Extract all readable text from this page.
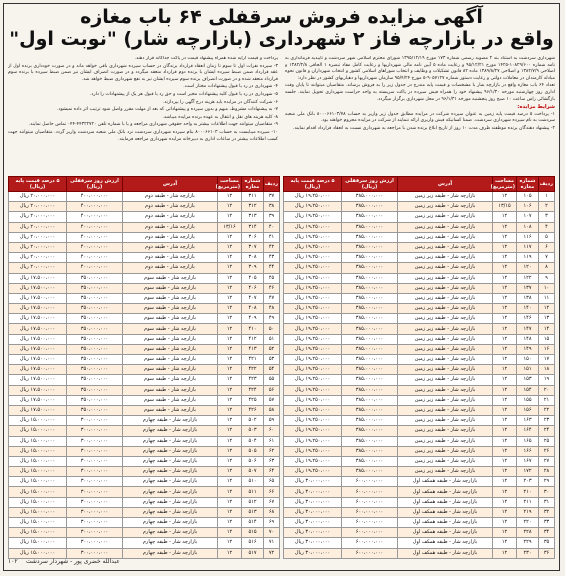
آگهی مزایده فروش سرقفلی ۶۴ باب مغازه
واقع در بازارچه فاز ۲ شهرداری (بازارچه شار) "نوبت اول"

شهرداری سردشت به استناد بند ۲ مصوبه رسمی شماره ۱۷۳ مورخ ۱۳۹۵/۱۲/۱۹ شورای محترم اسلامی شهر سردشت و تاییدیه فرمانداری به نامه شماره ۱۰۸۲۹/۶۰۰-۱۴۲۵ مورخ ۹۵/۱۲/۲۱ و رعایت ماده ۵ آیین نامه مالی شهرداریها و رعایت کامل مفاد تبصره ۱ الحاقی ۱۳۸۲/۲/۸ و اصلاحی ۱۳۸۲/۷/۹ و اصلاحی ۱۳۸۹/۸/۲۷ ماده ۸۲ قانون تشکیلات و وظایف و انتخاب شوراهای اسلامی کشور و انتخاب شهرداران و قانون نحوه مبادله کارمندان در معاملات دولتی و رعایت دستور شماره ۹۰۵۷۱۲۷-۵ مورخ ۹۵/۴/۲۴ سازمان شهرداریها و دهیاریهای کشور در نظر دارد:

تعداد ۶۴ باب مغازه واقع در بازارچه شار با مشخصات و قیمت پایه مندرج در جدول زیر را به فروش برساند. متقاضیان میتوانند تا پایان وقت اداری روز چهارشنبه مورخه ۹۶/۱/۳۰ پیشنهاد خود را همراه فیش سپرده در پاکت سربسته به واحد حراست شهرداری تحویل نمایند. جلسه بازگشائی راس ساعت ۱۰ صبح روز پنجشنبه مورخه ۹۶/۱/۳۱ در محل شهرداری برگزار میگردد.

شرایط مزایده:

۱- پرداخت ۵ درصد قیمت پایه زمین به عنوان سپرده شرکت در مزایده مطابق جدول زیر واریز به حساب ۸۰۰۰۶۶۱۰۳/۷۸ بانک ملی شعبه سردشت به نام سپرده شهرداری سردشت. ضمنا کسانیکه فیش واریزی ارائه ننمایند از شرکت در مزایده محروم خواهند بود.

۲- پیشنهاد دهندگان برنده موظفند ظرف مدت ۱۰ روز از تاریخ ابلاغ برنده شدن با مراجعه به شهرداری نسبت به انعقاد قرارداد اقدام نمایند.

پرداخت و قیمت ارایه شده همراه پیشنهاد قیمت در پاکت جداگانه قرار دهند.

۳- سپرده نفرات اول تا سوم تا زمان انعقاد قرارداد برندگان در حساب سپرده شهرداری باقی خواهد ماند و در صورت خودداری برنده اول از عقد قرارداد ضمن ضبط سپرده ایشان با برنده دوم قرارداد منعقد میگردد و در صورت انصراف ایشان نیز ضمن ضبط سپرده با برنده سوم قرارداد منعقد شده و در صورت انصراف برنده سوم سپرده ایشان نیز به نفع شهرداری ضبط خواهد شد.

۴- شهرداری در رد یا قبول پیشنهادات مختار است.

۵- شهرداری در رد یا قبول کلیه پیشنهادات مخیر است و حق رد یا قبول هر یک از پیشنهادات را دارد.

۶- شرکت کنندگان در مزایده باید هزینه درج آگهی را بپردازند.

۷- به پیشنهادات مشروط، مبهم و بدون سپرده و پیشنهاداتی که بعد از مهلت مقرر واصل شود ترتیب اثر داده نمیشود.

۸- کلیه هزینه های نقل و انتقال به عهده برنده مزایده میباشد.

۹- متقاضیان میتوانند جهت اطلاعات بیشتر به واحد حقوقی شهرداری مراجعه و یا با شماره تلفن ۴۴۳۲۲۷۲۰-۰۴۴ تماس حاصل نمایند.

۱۰- سپرده میبایست به حساب ۸۰۰۰۶۶۱۰۳ بنام سپرده شهرداری سردشت نزد بانک ملی شعبه سردشت واریز گردد. متقاضیان میتوانند جهت کسب اطلاعات بیشتر در ساعات اداری به دبیرخانه مزایده شهرداری مراجعه فرمایند.

ردیف	شماره مغازه	مساحت (مترمربع)	آدرس	ارزش روز سرقفلی (ریال)	۵ درصد قیمت پایه (ریال)
۱	۱۰۵	۱۲	بازارچه شار - طبقه زیر زمین	۳۸۵،۰۰۰،۰۰۰	۱۹،۲۵۰،۰۰۰ ریال
۲	۱۰۶	۱۳/۱۵	بازارچه شار - طبقه زیر زمین	۳۸۵،۰۰۰،۰۰۰	۱۹،۲۵۰،۰۰۰ ریال
۳	۱۰۷	۱۲	بازارچه شار - طبقه زیر زمین	۳۸۵،۰۰۰،۰۰۰	۱۹،۲۵۰،۰۰۰ ریال
۴	۱۰۸	۱۲	بازارچه شار - طبقه زیر زمین	۳۸۵،۰۰۰،۰۰۰	۱۹،۲۵۰،۰۰۰ ریال
۵	۱۱۶	۱۲	بازارچه شار - طبقه زیر زمین	۳۸۵،۰۰۰،۰۰۰	۱۹،۲۵۰،۰۰۰ ریال
۶	۱۱۷	۱۲	بازارچه شار - طبقه زیر زمین	۳۸۵،۰۰۰،۰۰۰	۱۹،۲۵۰،۰۰۰ ریال
۷	۱۱۹	۱۲	بازارچه شار - طبقه زیر زمین	۳۸۵،۰۰۰،۰۰۰	۱۹،۲۵۰،۰۰۰ ریال
۸	۱۲۰	۱۲	بازارچه شار - طبقه زیر زمین	۳۸۵،۰۰۰،۰۰۰	۱۹،۲۵۰،۰۰۰ ریال
۹	۱۲۲	۱۲	بازارچه شار - طبقه زیر زمین	۳۸۵،۰۰۰،۰۰۰	۱۹،۲۵۰،۰۰۰ ریال
۱۰	۱۳۷	۱۲	بازارچه شار - طبقه زیر زمین	۳۸۵،۰۰۰،۰۰۰	۱۹،۲۵۰،۰۰۰ ریال
۱۱	۱۳۸	۱۲	بازارچه شار - طبقه زیر زمین	۳۸۵،۰۰۰،۰۰۰	۱۹،۲۵۰،۰۰۰ ریال
۱۲	۱۴۰	۱۲	بازارچه شار - طبقه زیر زمین	۳۸۵،۰۰۰،۰۰۰	۱۹،۲۵۰،۰۰۰ ریال
۱۳	۱۴۶	۱۲	بازارچه شار - طبقه زیر زمین	۳۸۵،۰۰۰،۰۰۰	۱۹،۲۵۰،۰۰۰ ریال
۱۴	۱۴۷	۱۲	بازارچه شار - طبقه زیر زمین	۳۸۵،۰۰۰،۰۰۰	۱۹،۲۵۰،۰۰۰ ریال
۱۵	۱۴۸	۱۲	بازارچه شار - طبقه زیر زمین	۳۸۵،۰۰۰،۰۰۰	۱۹،۲۵۰،۰۰۰ ریال
۱۶	۱۴۹	۱۲	بازارچه شار - طبقه زیر زمین	۳۸۵،۰۰۰،۰۰۰	۱۹،۲۵۰،۰۰۰ ریال
۱۷	۱۵۰	۱۲	بازارچه شار - طبقه زیر زمین	۳۸۵،۰۰۰،۰۰۰	۱۹،۲۵۰،۰۰۰ ریال
۱۸	۱۵۱	۱۲	بازارچه شار - طبقه زیر زمین	۳۸۵،۰۰۰،۰۰۰	۱۹،۲۵۰،۰۰۰ ریال
۱۹	۱۵۳	۱۲	بازارچه شار - طبقه زیر زمین	۳۸۵،۰۰۰،۰۰۰	۱۹،۲۵۰،۰۰۰ ریال
۲۰	۱۵۴	۱۲	بازارچه شار - طبقه زیر زمین	۳۸۵،۰۰۰،۰۰۰	۱۹،۲۵۰،۰۰۰ ریال
۲۱	۱۵۵	۱۲	بازارچه شار - طبقه زیر زمین	۳۸۵،۰۰۰،۰۰۰	۱۹،۲۵۰،۰۰۰ ریال
۲۲	۱۵۶	۱۲	بازارچه شار - طبقه زیر زمین	۳۸۵،۰۰۰،۰۰۰	۱۹،۲۵۰،۰۰۰ ریال
۲۳	۱۶۳	۱۲	بازارچه شار - طبقه زیر زمین	۳۸۵،۰۰۰،۰۰۰	۱۹،۲۵۰،۰۰۰ ریال
۲۴	۱۶۴	۱۲	بازارچه شار - طبقه زیر زمین	۳۸۵،۰۰۰،۰۰۰	۱۹،۲۵۰،۰۰۰ ریال
۲۵	۱۶۵	۱۲	بازارچه شار - طبقه زیر زمین	۳۸۵،۰۰۰،۰۰۰	۱۹،۲۵۰،۰۰۰ ریال
۲۶	۱۶۶	۱۲	بازارچه شار - طبقه زیر زمین	۳۸۵،۰۰۰،۰۰۰	۱۹،۲۵۰،۰۰۰ ریال
۲۷	۱۶۷	۱۲	بازارچه شار - طبقه زیر زمین	۳۸۵،۰۰۰،۰۰۰	۱۹،۲۵۰،۰۰۰ ریال
۲۸	۱۷۲	۱۲	بازارچه شار - طبقه زیر زمین	۳۸۵،۰۰۰،۰۰۰	۱۹،۲۵۰،۰۰۰ ریال
۲۹	۲۰۳	۱۲	بازارچه شار - طبقه همکف اول	۶۰۰،۰۰۰،۰۰۰	۳۰،۰۰۰،۰۰۰ ریال
۳۰	۲۱۰	۱۲	بازارچه شار - طبقه همکف اول	۶۰۰،۰۰۰،۰۰۰	۳۰،۰۰۰،۰۰۰ ریال
۳۱	۲۱۱	۱۲	بازارچه شار - طبقه همکف اول	۶۰۰،۰۰۰،۰۰۰	۳۰،۰۰۰،۰۰۰ ریال
۳۲	۲۱۹	۱۲	بازارچه شار - طبقه همکف اول	۶۰۰،۰۰۰،۰۰۰	۳۰،۰۰۰،۰۰۰ ریال
۳۳	۲۲۰	۱۲	بازارچه شار - طبقه همکف اول	۶۰۰،۰۰۰،۰۰۰	۳۰،۰۰۰،۰۰۰ ریال
۳۴	۲۲۸	۱۲	بازارچه شار - طبقه همکف اول	۶۰۰،۰۰۰،۰۰۰	۳۰،۰۰۰،۰۰۰ ریال
۳۵	۲۲۹	۱۲	بازارچه شار - طبقه همکف اول	۶۰۰،۰۰۰،۰۰۰	۳۰،۰۰۰،۰۰۰ ریال
۳۶	۲۳۰	۱۲	بازارچه شار - طبقه همکف اول	۶۰۰،۰۰۰،۰۰۰	۳۰،۰۰۰،۰۰۰ ریال
ردیف	شماره مغازه	مساحت (مترمربع)	آدرس	ارزش روز سرقفلی (ریال)	۵ درصد قیمت پایه (ریال)
۳۷	۳۱۱	۱۲	بازارچه شار - طبقه دوم	۴۰۰،۰۰۰،۰۰۰	۲۰،۰۰۰،۰۰۰ ریال
۳۸	۳۱۲	۱۲	بازارچه شار - طبقه دوم	۴۰۰،۰۰۰،۰۰۰	۲۰،۰۰۰،۰۰۰ ریال
۳۹	۳۱۳	۱۲	بازارچه شار - طبقه دوم	۴۰۰،۰۰۰،۰۰۰	۲۰،۰۰۰،۰۰۰ ریال
۴۰	۳۱۴	۱۳/۱۶	بازارچه شار - طبقه دوم	۴۰۰،۰۰۰،۰۰۰	۲۰،۰۰۰،۰۰۰ ریال
۴۱	۳۰۶	۱۲	بازارچه شار - طبقه دوم	۴۰۰،۰۰۰،۰۰۰	۲۰،۰۰۰،۰۰۰ ریال
۴۲	۳۰۷	۱۲	بازارچه شار - طبقه دوم	۴۰۰،۰۰۰،۰۰۰	۲۰،۰۰۰،۰۰۰ ریال
۴۳	۳۰۸	۱۲	بازارچه شار - طبقه دوم	۴۰۰،۰۰۰،۰۰۰	۲۰،۰۰۰،۰۰۰ ریال
۴۴	۳۰۹	۱۲	بازارچه شار - طبقه دوم	۴۰۰،۰۰۰،۰۰۰	۲۰،۰۰۰،۰۰۰ ریال
۴۵	۴۰۵	۱۲	بازارچه شار - طبقه سوم	۳۵۰،۰۰۰،۰۰۰	۱۷،۵۰۰،۰۰۰ ریال
۴۶	۴۰۶	۱۲	بازارچه شار - طبقه سوم	۳۵۰،۰۰۰،۰۰۰	۱۷،۵۰۰،۰۰۰ ریال
۴۷	۴۰۷	۱۲	بازارچه شار - طبقه سوم	۳۵۰،۰۰۰،۰۰۰	۱۷،۵۰۰،۰۰۰ ریال
۴۸	۴۰۸	۱۲	بازارچه شار - طبقه سوم	۳۵۰،۰۰۰،۰۰۰	۱۷،۵۰۰،۰۰۰ ریال
۴۹	۴۰۹	۱۲	بازارچه شار - طبقه سوم	۳۵۰،۰۰۰،۰۰۰	۱۷،۵۰۰،۰۰۰ ریال
۵۰	۴۱۰	۱۲	بازارچه شار - طبقه سوم	۳۵۰،۰۰۰،۰۰۰	۱۷،۵۰۰،۰۰۰ ریال
۵۱	۴۱۲	۱۲	بازارچه شار - طبقه سوم	۳۵۰،۰۰۰،۰۰۰	۱۷،۵۰۰،۰۰۰ ریال
۵۲	۴۱۳	۱۲	بازارچه شار - طبقه سوم	۳۵۰،۰۰۰،۰۰۰	۱۷،۵۰۰،۰۰۰ ریال
۵۳	۴۲۱	۱۲	بازارچه شار - طبقه سوم	۳۵۰،۰۰۰،۰۰۰	۱۷،۵۰۰،۰۰۰ ریال
۵۴	۴۲۲	۱۲	بازارچه شار - طبقه سوم	۳۵۰،۰۰۰،۰۰۰	۱۷،۵۰۰،۰۰۰ ریال
۵۵	۴۲۳	۱۲	بازارچه شار - طبقه سوم	۳۵۰،۰۰۰،۰۰۰	۱۷،۵۰۰،۰۰۰ ریال
۵۶	۴۲۴	۱۲	بازارچه شار - طبقه سوم	۳۵۰،۰۰۰،۰۰۰	۱۷،۵۰۰،۰۰۰ ریال
۵۷	۴۲۵	۱۲	بازارچه شار - طبقه سوم	۳۵۰،۰۰۰،۰۰۰	۱۷،۵۰۰،۰۰۰ ریال
۵۸	۴۲۶	۱۲	بازارچه شار - طبقه سوم	۳۵۰،۰۰۰،۰۰۰	۱۷،۵۰۰،۰۰۰ ریال
۵۹	۵۰۲	۱۲	بازارچه شار - طبقه چهارم	۳۰۰،۰۰۰،۰۰۰	۱۵،۰۰۰،۰۰۰ ریال
۶۰	۵۰۳	۱۲	بازارچه شار - طبقه چهارم	۳۰۰،۰۰۰،۰۰۰	۱۵،۰۰۰،۰۰۰ ریال
۶۱	۵۰۴	۱۲	بازارچه شار - طبقه چهارم	۳۰۰،۰۰۰،۰۰۰	۱۵،۰۰۰،۰۰۰ ریال
۶۲	۵۰۵	۱۲	بازارچه شار - طبقه چهارم	۳۰۰،۰۰۰،۰۰۰	۱۵،۰۰۰،۰۰۰ ریال
۶۳	۵۰۶	۱۲	بازارچه شار - طبقه چهارم	۳۰۰،۰۰۰،۰۰۰	۱۵،۰۰۰،۰۰۰ ریال
۶۴	۵۰۷	۱۲	بازارچه شار - طبقه چهارم	۳۰۰،۰۰۰،۰۰۰	۱۵،۰۰۰،۰۰۰ ریال
۶۵	۵۱۰	۱۲	بازارچه شار - طبقه چهارم	۳۰۰،۰۰۰،۰۰۰	۱۵،۰۰۰،۰۰۰ ریال
۶۶	۵۱۱	۱۲	بازارچه شار - طبقه چهارم	۳۰۰،۰۰۰،۰۰۰	۱۵،۰۰۰،۰۰۰ ریال
۶۷	۵۱۲	۱۲	بازارچه شار - طبقه چهارم	۳۰۰،۰۰۰،۰۰۰	۱۵،۰۰۰،۰۰۰ ریال
۶۸	۵۱۳	۱۲	بازارچه شار - طبقه چهارم	۳۰۰،۰۰۰،۰۰۰	۱۵،۰۰۰،۰۰۰ ریال
۶۹	۵۱۴	۱۲	بازارچه شار - طبقه چهارم	۳۰۰،۰۰۰،۰۰۰	۱۵،۰۰۰،۰۰۰ ریال
۷۰	۵۱۵	۱۲	بازارچه شار - طبقه چهارم	۳۰۰،۰۰۰،۰۰۰	۱۵،۰۰۰،۰۰۰ ریال
۷۱	۵۱۶	۱۲	بازارچه شار - طبقه چهارم	۳۰۰،۰۰۰،۰۰۰	۱۵،۰۰۰،۰۰۰ ریال
۷۲	۵۱۷	۱۲	بازارچه شار - طبقه چهارم	۳۰۰،۰۰۰،۰۰۰	۱۵،۰۰۰،۰۰۰ ریال
۱۰۲ عبدالله خضری پور - شهردار سردشت
